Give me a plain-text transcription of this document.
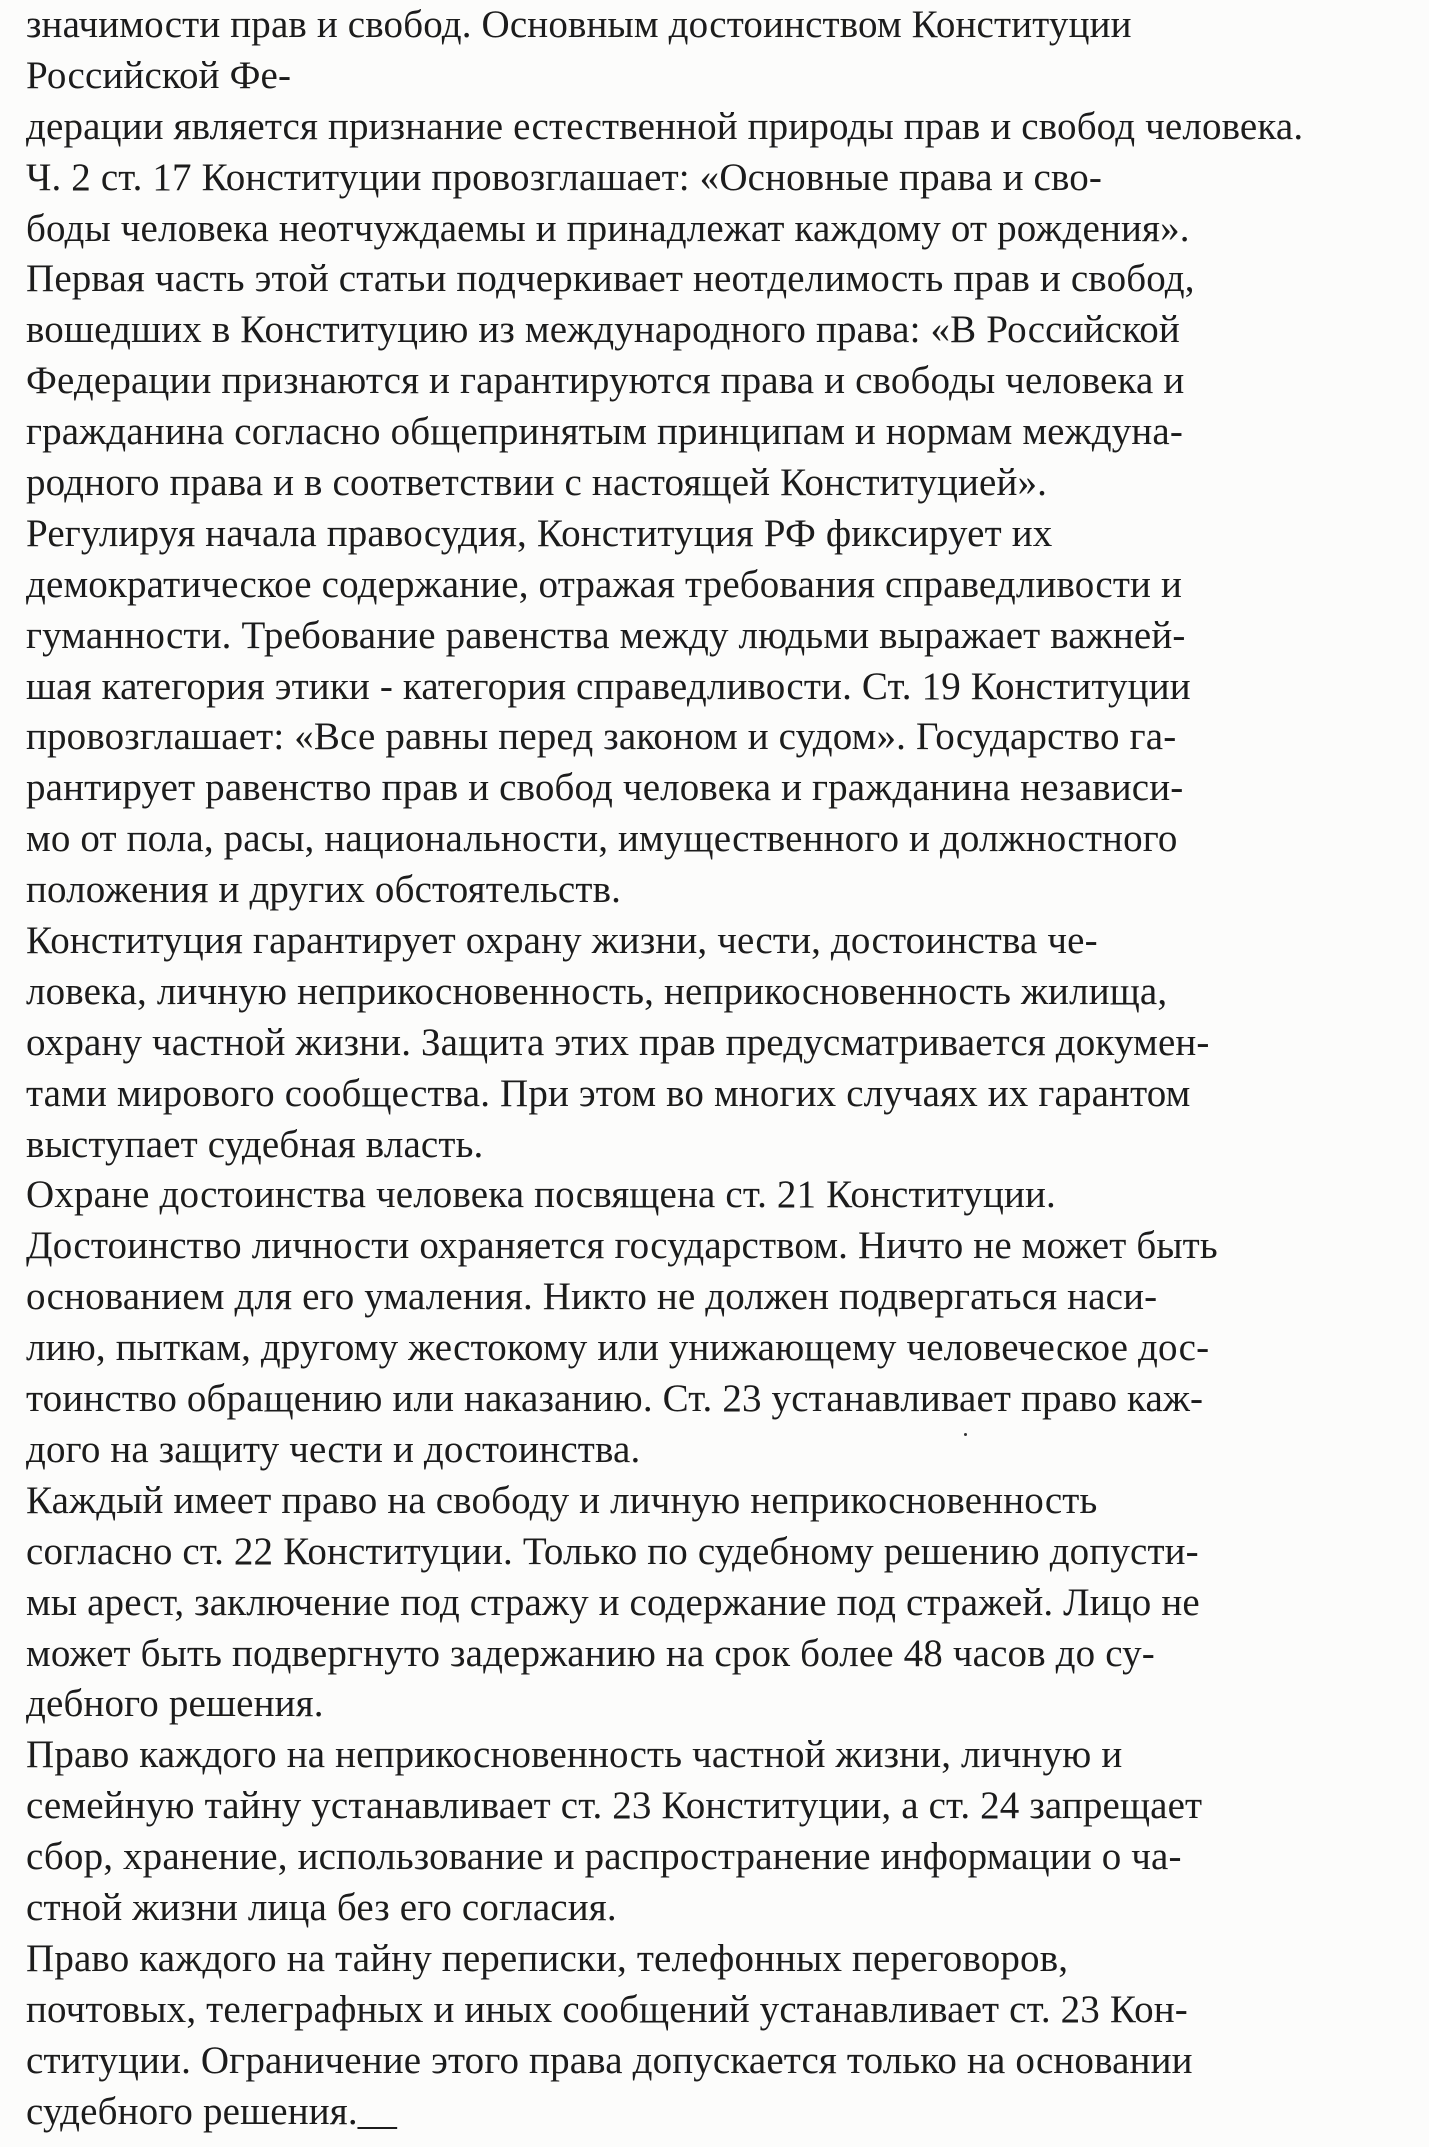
значимости прав и свобод. Основным достоинством Конституции
Российской Фе-
дерации является признание естественной природы прав и свобод человека.
Ч. 2 ст. 17 Конституции провозглашает: «Основные права и сво-
боды человека неотчуждаемы и принадлежат каждому от рождения».
Первая часть этой статьи подчеркивает неотделимость прав и свобод,
вошедших в Конституцию из международного права: «В Российской
Федерации признаются и гарантируются права и свободы человека и
гражданина согласно общепринятым принципам и нормам междуна-
родного права и в соответствии с настоящей Конституцией».
Регулируя начала правосудия, Конституция РФ фиксирует их
демократическое содержание, отражая требования справедливости и
гуманности. Требование равенства между людьми выражает важней-
шая категория этики - категория справедливости. Ст. 19 Конституции
провозглашает: «Все равны перед законом и судом». Государство га-
рантирует равенство прав и свобод человека и гражданина независи-
мо от пола, расы, национальности, имущественного и должностного
положения и других обстоятельств.
Конституция гарантирует охрану жизни, чести, достоинства че-
ловека, личную неприкосновенность, неприкосновенность жилища,
охрану частной жизни. Защита этих прав предусматривается докумен-
тами мирового сообщества. При этом во многих случаях их гарантом
выступает судебная власть.
Охране достоинства человека посвящена ст. 21 Конституции.
Достоинство личности охраняется государством. Ничто не может быть
основанием для его умаления. Никто не должен подвергаться наси-
лию, пыткам, другому жестокому или унижающему человеческое дос-
тоинство обращению или наказанию. Ст. 23 устанавливает право каж-
дого на защиту чести и достоинства.
Каждый имеет право на свободу и личную неприкосновенность
согласно ст. 22 Конституции. Только по судебному решению допусти-
мы арест, заключение под стражу и содержание под стражей. Лицо не
может быть подвергнуто задержанию на срок более 48 часов до су-
дебного решения.
Право каждого на неприкосновенность частной жизни, личную и
семейную тайну устанавливает ст. 23 Конституции, а ст. 24 запрещает
сбор, хранение, использование и распространение информации о ча-
стной жизни лица без его согласия.
Право каждого на тайну переписки, телефонных переговоров,
почтовых, телеграфных и иных сообщений устанавливает ст. 23 Кон-
ституции. Ограничение этого права допускается только на основании
судебного решения.__
